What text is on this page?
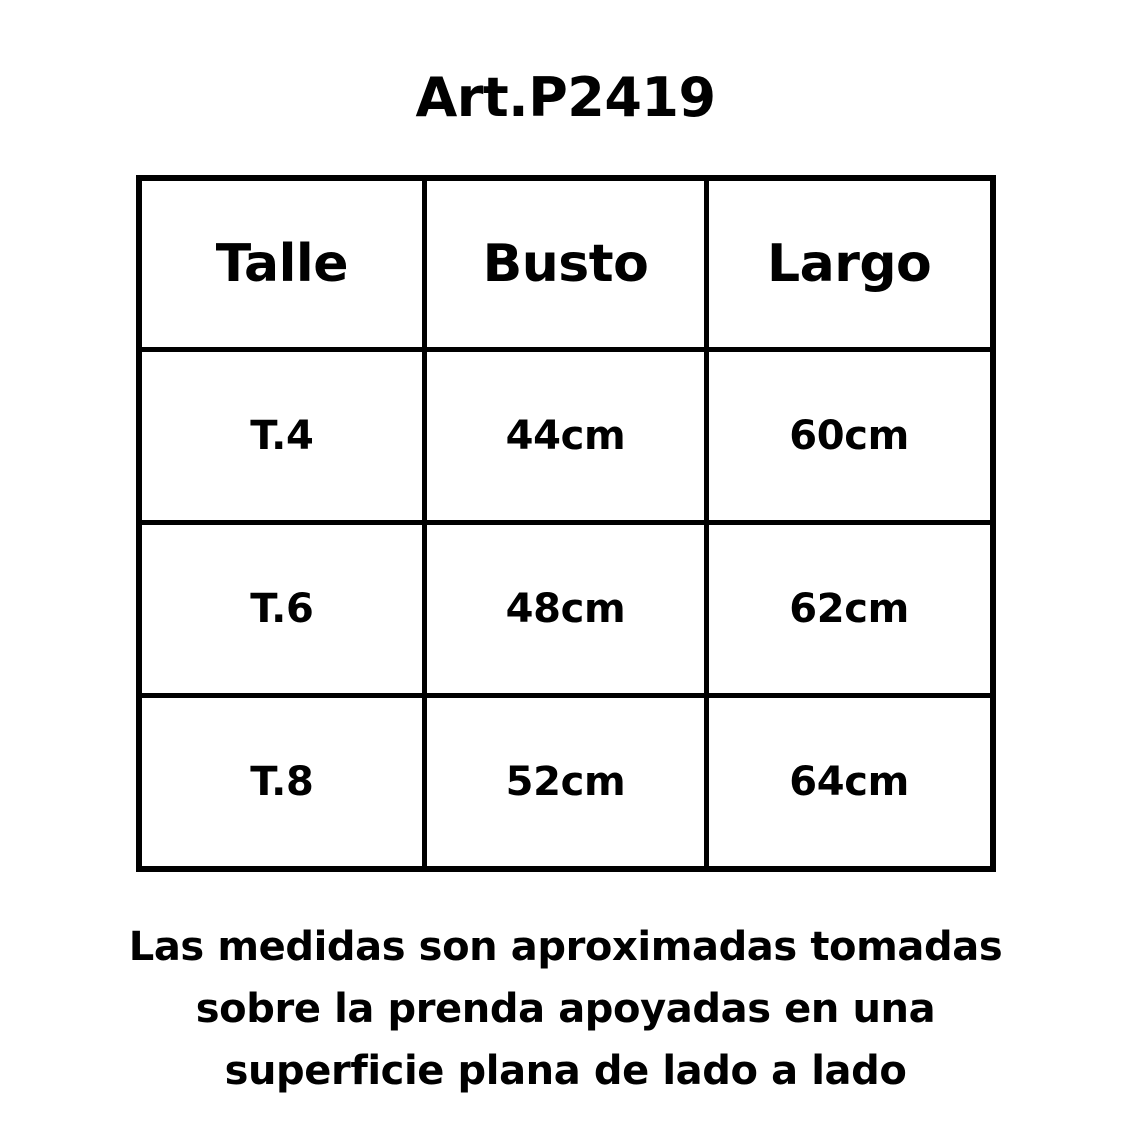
Art.P2419
Talle	Busto	Largo
T.4	44cm	60cm
T.6	48cm	62cm
T.8	52cm	64cm
Las medidas son aproximadas tomadas
sobre la prenda apoyadas en una
superficie plana de lado a lado
